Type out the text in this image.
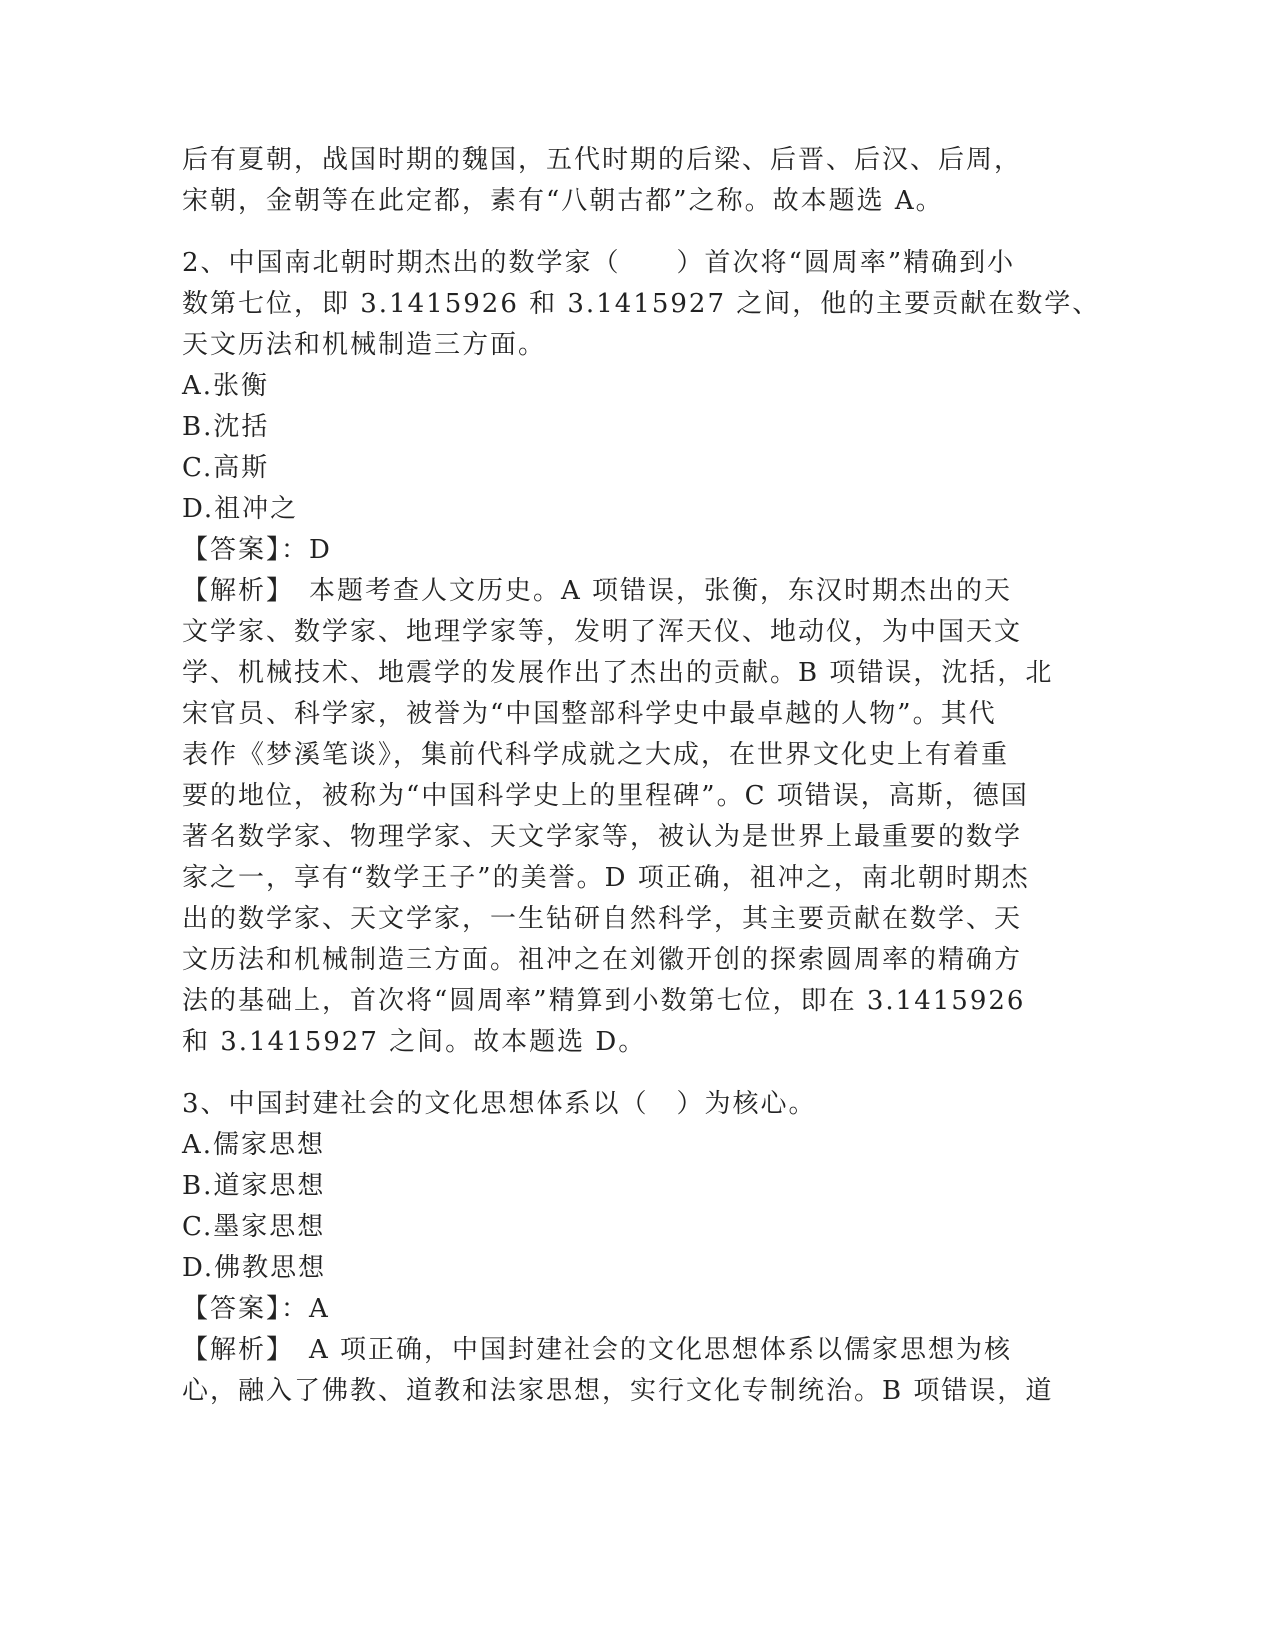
后有夏朝，战国时期的魏国，五代时期的后梁、后晋、后汉、后周，
宋朝，金朝等在此定都，素有“八朝古都”之称。故本题选 A。
2、中国南北朝时期杰出的数学家（　　）首次将“圆周率”精确到小
数第七位，即 3.1415926 和 3.1415927 之间，他的主要贡献在数学、
天文历法和机械制造三方面。
A.张衡
B.沈括
C.高斯
D.祖冲之
【答案】：D
【解析】　本题考查人文历史。A 项错误，张衡，东汉时期杰出的天
文学家、数学家、地理学家等，发明了浑天仪、地动仪，为中国天文
学、机械技术、地震学的发展作出了杰出的贡献。B 项错误，沈括，北
宋官员、科学家，被誉为“中国整部科学史中最卓越的人物”。其代
表作《梦溪笔谈》，集前代科学成就之大成，在世界文化史上有着重
要的地位，被称为“中国科学史上的里程碑”。C 项错误，高斯，德国
著名数学家、物理学家、天文学家等，被认为是世界上最重要的数学
家之一，享有“数学王子”的美誉。D 项正确，祖冲之，南北朝时期杰
出的数学家、天文学家，一生钻研自然科学，其主要贡献在数学、天
文历法和机械制造三方面。祖冲之在刘徽开创的探索圆周率的精确方
法的基础上，首次将“圆周率”精算到小数第七位，即在 3.1415926
和 3.1415927 之间。故本题选 D。
3、中国封建社会的文化思想体系以（　）为核心。
A.儒家思想
B.道家思想
C.墨家思想
D.佛教思想
【答案】：A
【解析】　A 项正确，中国封建社会的文化思想体系以儒家思想为核
心，融入了佛教、道教和法家思想，实行文化专制统治。B 项错误，道
